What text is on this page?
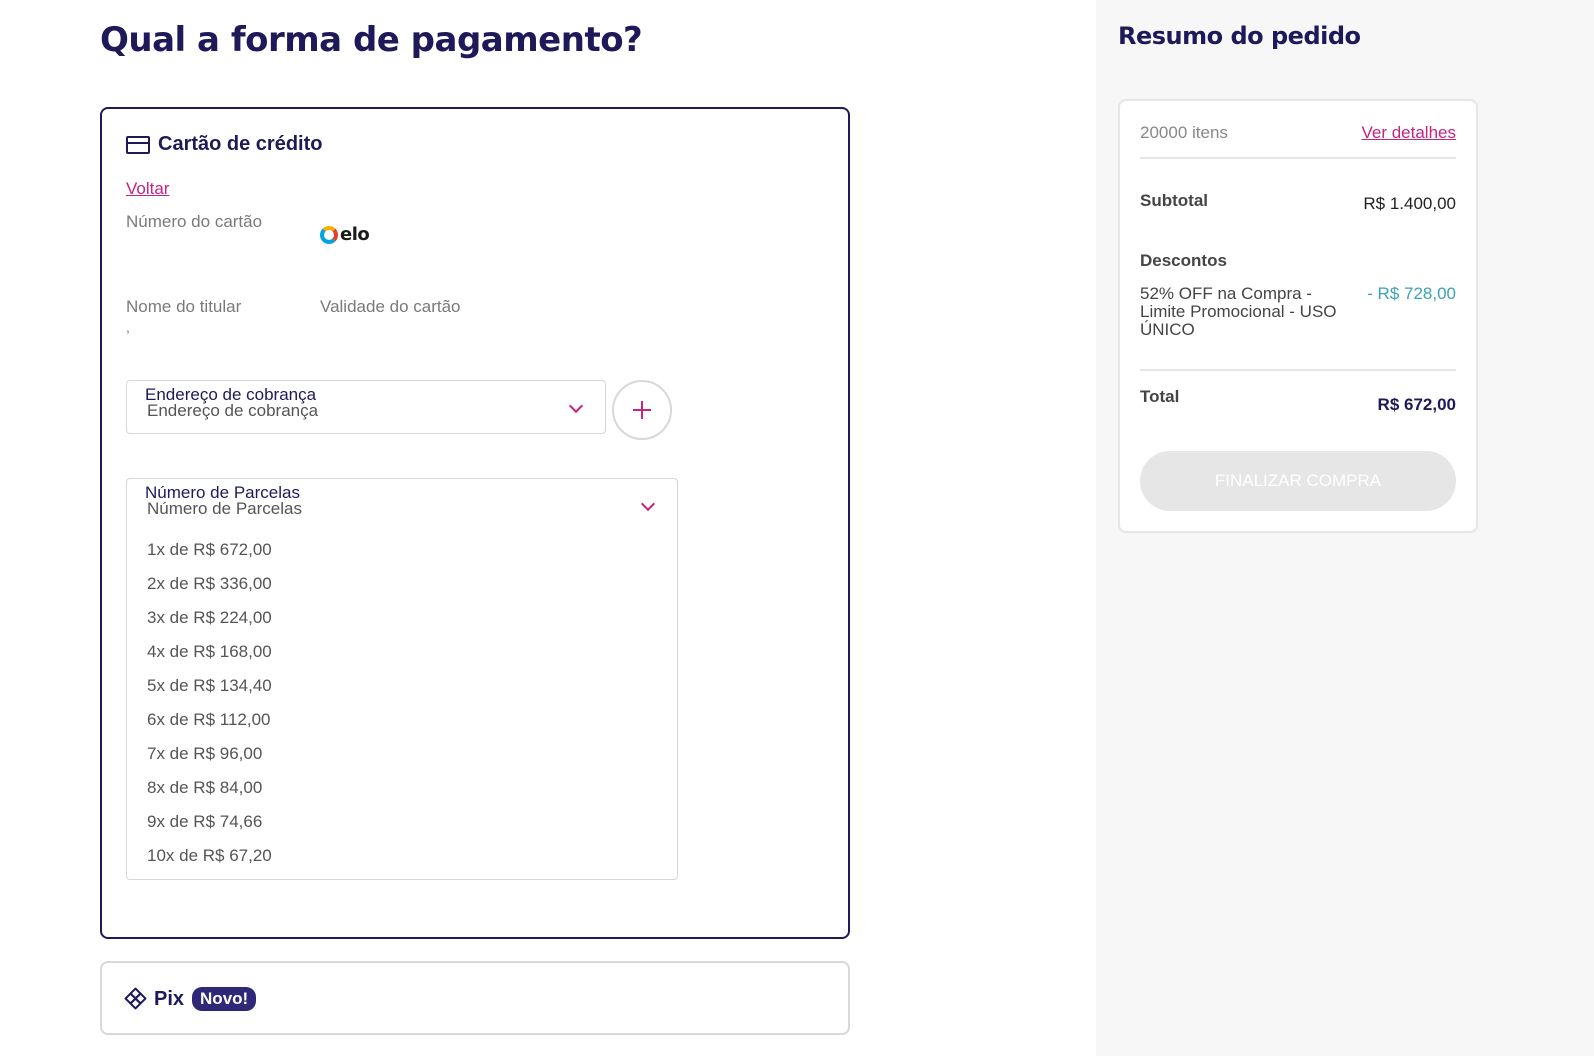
Qual a forma de pagamento?
Cartão de crédito
Voltar
Número do cartão
elo
Nome do titular
,
Validade do cartão
Endereço de cobrança
Endereço de cobrança
Número de Parcelas
Número de Parcelas
1x de R$ 672,00
2x de R$ 336,00
3x de R$ 224,00
4x de R$ 168,00
5x de R$ 134,40
6x de R$ 112,00
7x de R$ 96,00
8x de R$ 84,00
9x de R$ 74,66
10x de R$ 67,20
Pix Novo!
Resumo do pedido
20000 itens	Ver detalhes
Subtotal	R$ 1.400,00
Descontos
52% OFF na Compra - Limite Promocional - USO ÚNICO
- R$ 728,00
Total	R$ 672,00
FINALIZAR COMPRA
